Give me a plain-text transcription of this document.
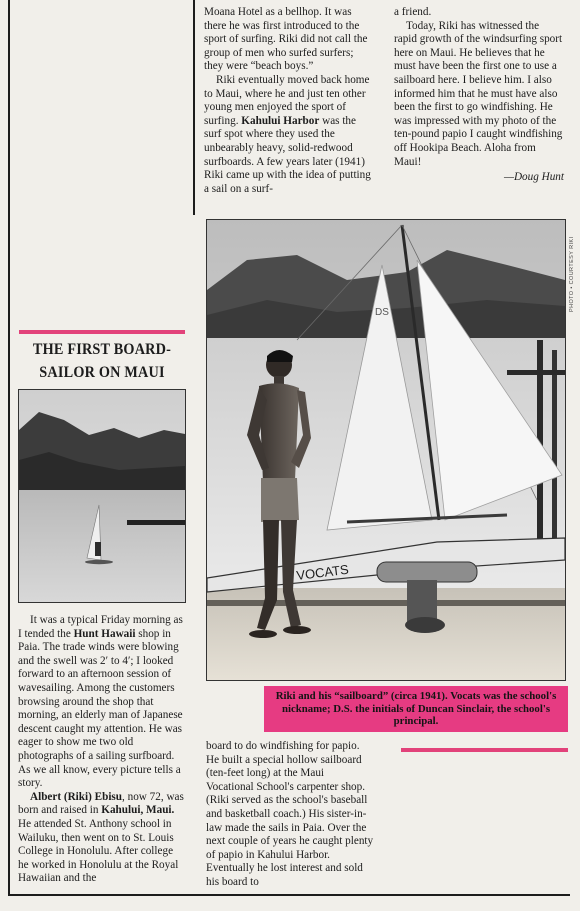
THE FIRST BOARD-
SAILOR ON MAUI

It was a typical Friday morning as I tended the Hunt Hawaii shop in Paia. The trade winds were blowing and the swell was 2′ to 4′; I looked forward to an afternoon session of wavesailing. Among the customers browsing around the shop that morning, an elderly man of Japanese descent caught my attention. He was eager to show me two old photographs of a sailing surfboard. As we all know, every picture tells a story.

Albert (Riki) Ebisu, now 72, was born and raised in Kahului, Maui. He attended St. Anthony school in Wailuku, then went on to St. Louis College in Honolulu. After college he worked in Honolulu at the Royal Hawaiian and the

Moana Hotel as a bellhop. It was there he was first introduced to the sport of surfing. Riki did not call the group of men who surfed surfers; they were “beach boys.”

Riki eventually moved back home to Maui, where he and just ten other young men enjoyed the sport of surfing. Kahului Harbor was the surf spot where they used the unbearably heavy, solid-redwood surfboards. A few years later (1941) Riki came up with the idea of putting a sail on a surf-

a friend.

Today, Riki has witnessed the rapid growth of the windsurfing sport here on Maui. He believes that he must have been the first one to use a sailboard here. I believe him. I also informed him that he must have also been the first to go windfishing. He was impressed with my photo of the ten-pound papio I caught windfishing off Hookipa Beach. Aloha from Maui!

—Doug Hunt
DS
VOCATS
PHOTO • COURTESY RIKI
Riki and his “sailboard” (circa 1941). Vocats was the school's nickname; D.S. the initials of Duncan Sinclair, the school's principal.

board to do windfishing for papio. He built a special hollow sailboard (ten-feet long) at the Maui Vocational School's carpenter shop. (Riki served as the school's baseball and basketball coach.) His sister-in-law made the sails in Paia. Over the next couple of years he caught plenty of papio in Kahului Harbor. Eventually he lost interest and sold his board to
